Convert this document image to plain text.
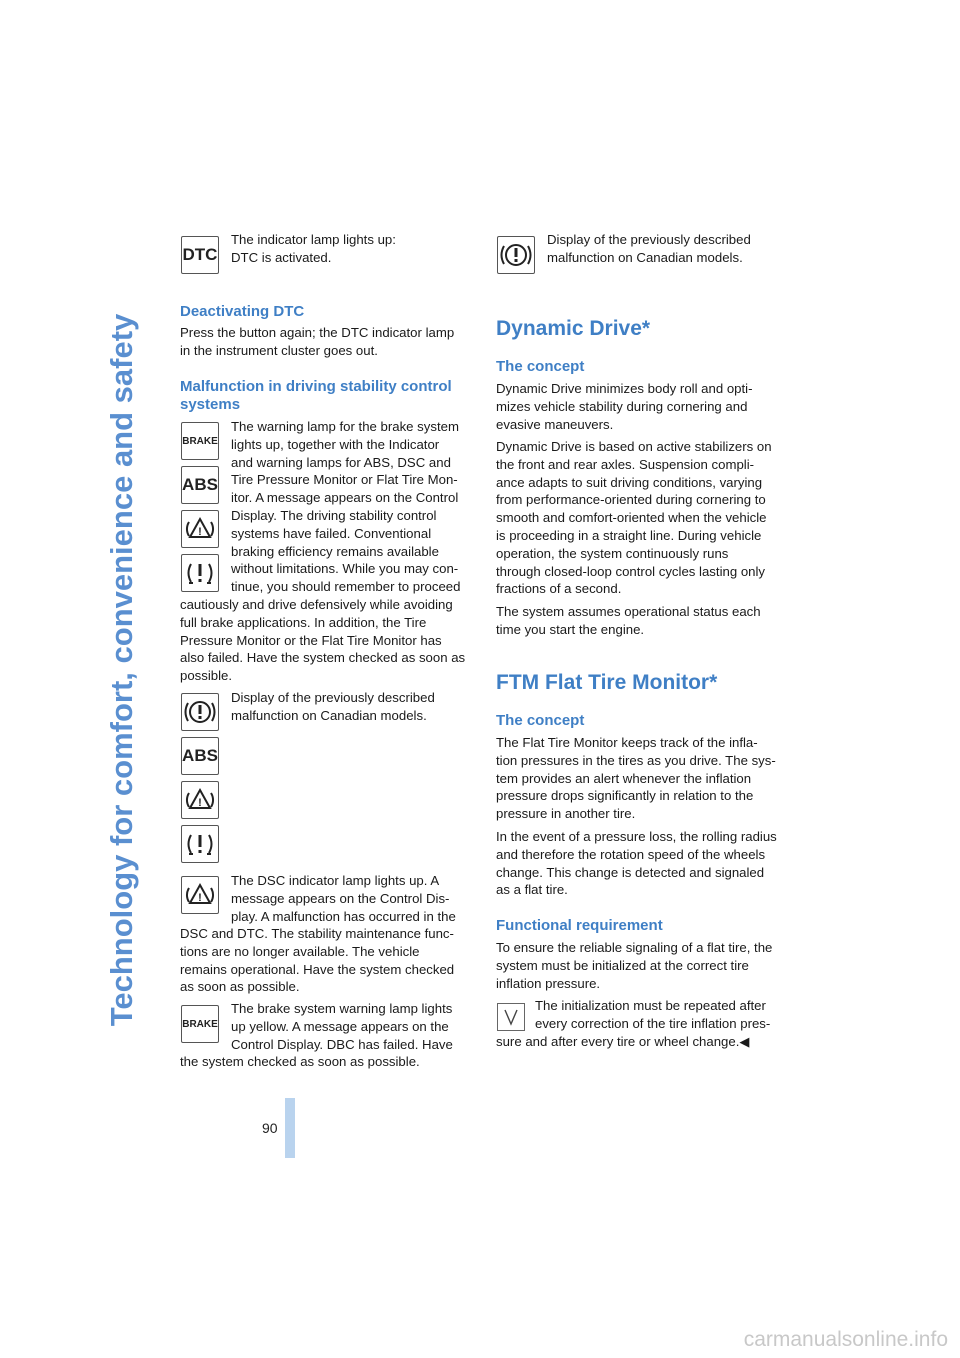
Technology for comfort, convenience and safety
90
DTC
The indicator lamp lights up:
DTC is activated.
Deactivating DTC
Press the button again; the DTC indicator lamp
in the instrument cluster goes out.
Malfunction in driving stability control
systems
BRAKE
ABS
!
The warning lamp for the brake system
lights up, together with the Indicator
and warning lamps for ABS, DSC and
Tire Pressure Monitor or Flat Tire Mon-
itor. A message appears on the Control
Display. The driving stability control
systems have failed. Conventional
braking efficiency remains available
without limitations. While you may con-
tinue, you should remember to proceed
cautiously and drive defensively while avoiding
full brake applications. In addition, the Tire
Pressure Monitor or the Flat Tire Monitor has
also failed. Have the system checked as soon as
possible.
Display of the previously described
malfunction on Canadian models.
ABS
!
!
The DSC indicator lamp lights up. A
message appears on the Control Dis-
play. A malfunction has occurred in the
DSC and DTC. The stability maintenance func-
tions are no longer available. The vehicle
remains operational. Have the system checked
as soon as possible.
BRAKE
The brake system warning lamp lights
up yellow. A message appears on the
Control Display. DBC has failed. Have
the system checked as soon as possible.
Display of the previously described
malfunction on Canadian models.
Dynamic Drive*
The concept
Dynamic Drive minimizes body roll and opti-
mizes vehicle stability during cornering and
evasive maneuvers.
Dynamic Drive is based on active stabilizers on
the front and rear axles. Suspension compli-
ance adapts to suit driving conditions, varying
from performance-oriented during cornering to
smooth and comfort-oriented when the vehicle
is proceeding in a straight line. During vehicle
operation, the system continuously runs
through closed-loop control cycles lasting only
fractions of a second.
The system assumes operational status each
time you start the engine.
FTM Flat Tire Monitor*
The concept
The Flat Tire Monitor keeps track of the infla-
tion pressures in the tires as you drive. The sys-
tem provides an alert whenever the inflation
pressure drops significantly in relation to the
pressure in another tire.
In the event of a pressure loss, the rolling radius
and therefore the rotation speed of the wheels
change. This change is detected and signaled
as a flat tire.
Functional requirement
To ensure the reliable signaling of a flat tire, the
system must be initialized at the correct tire
inflation pressure.
The initialization must be repeated after
every correction of the tire inflation pres-
sure and after every tire or wheel change.◀
carmanualsonline.info
